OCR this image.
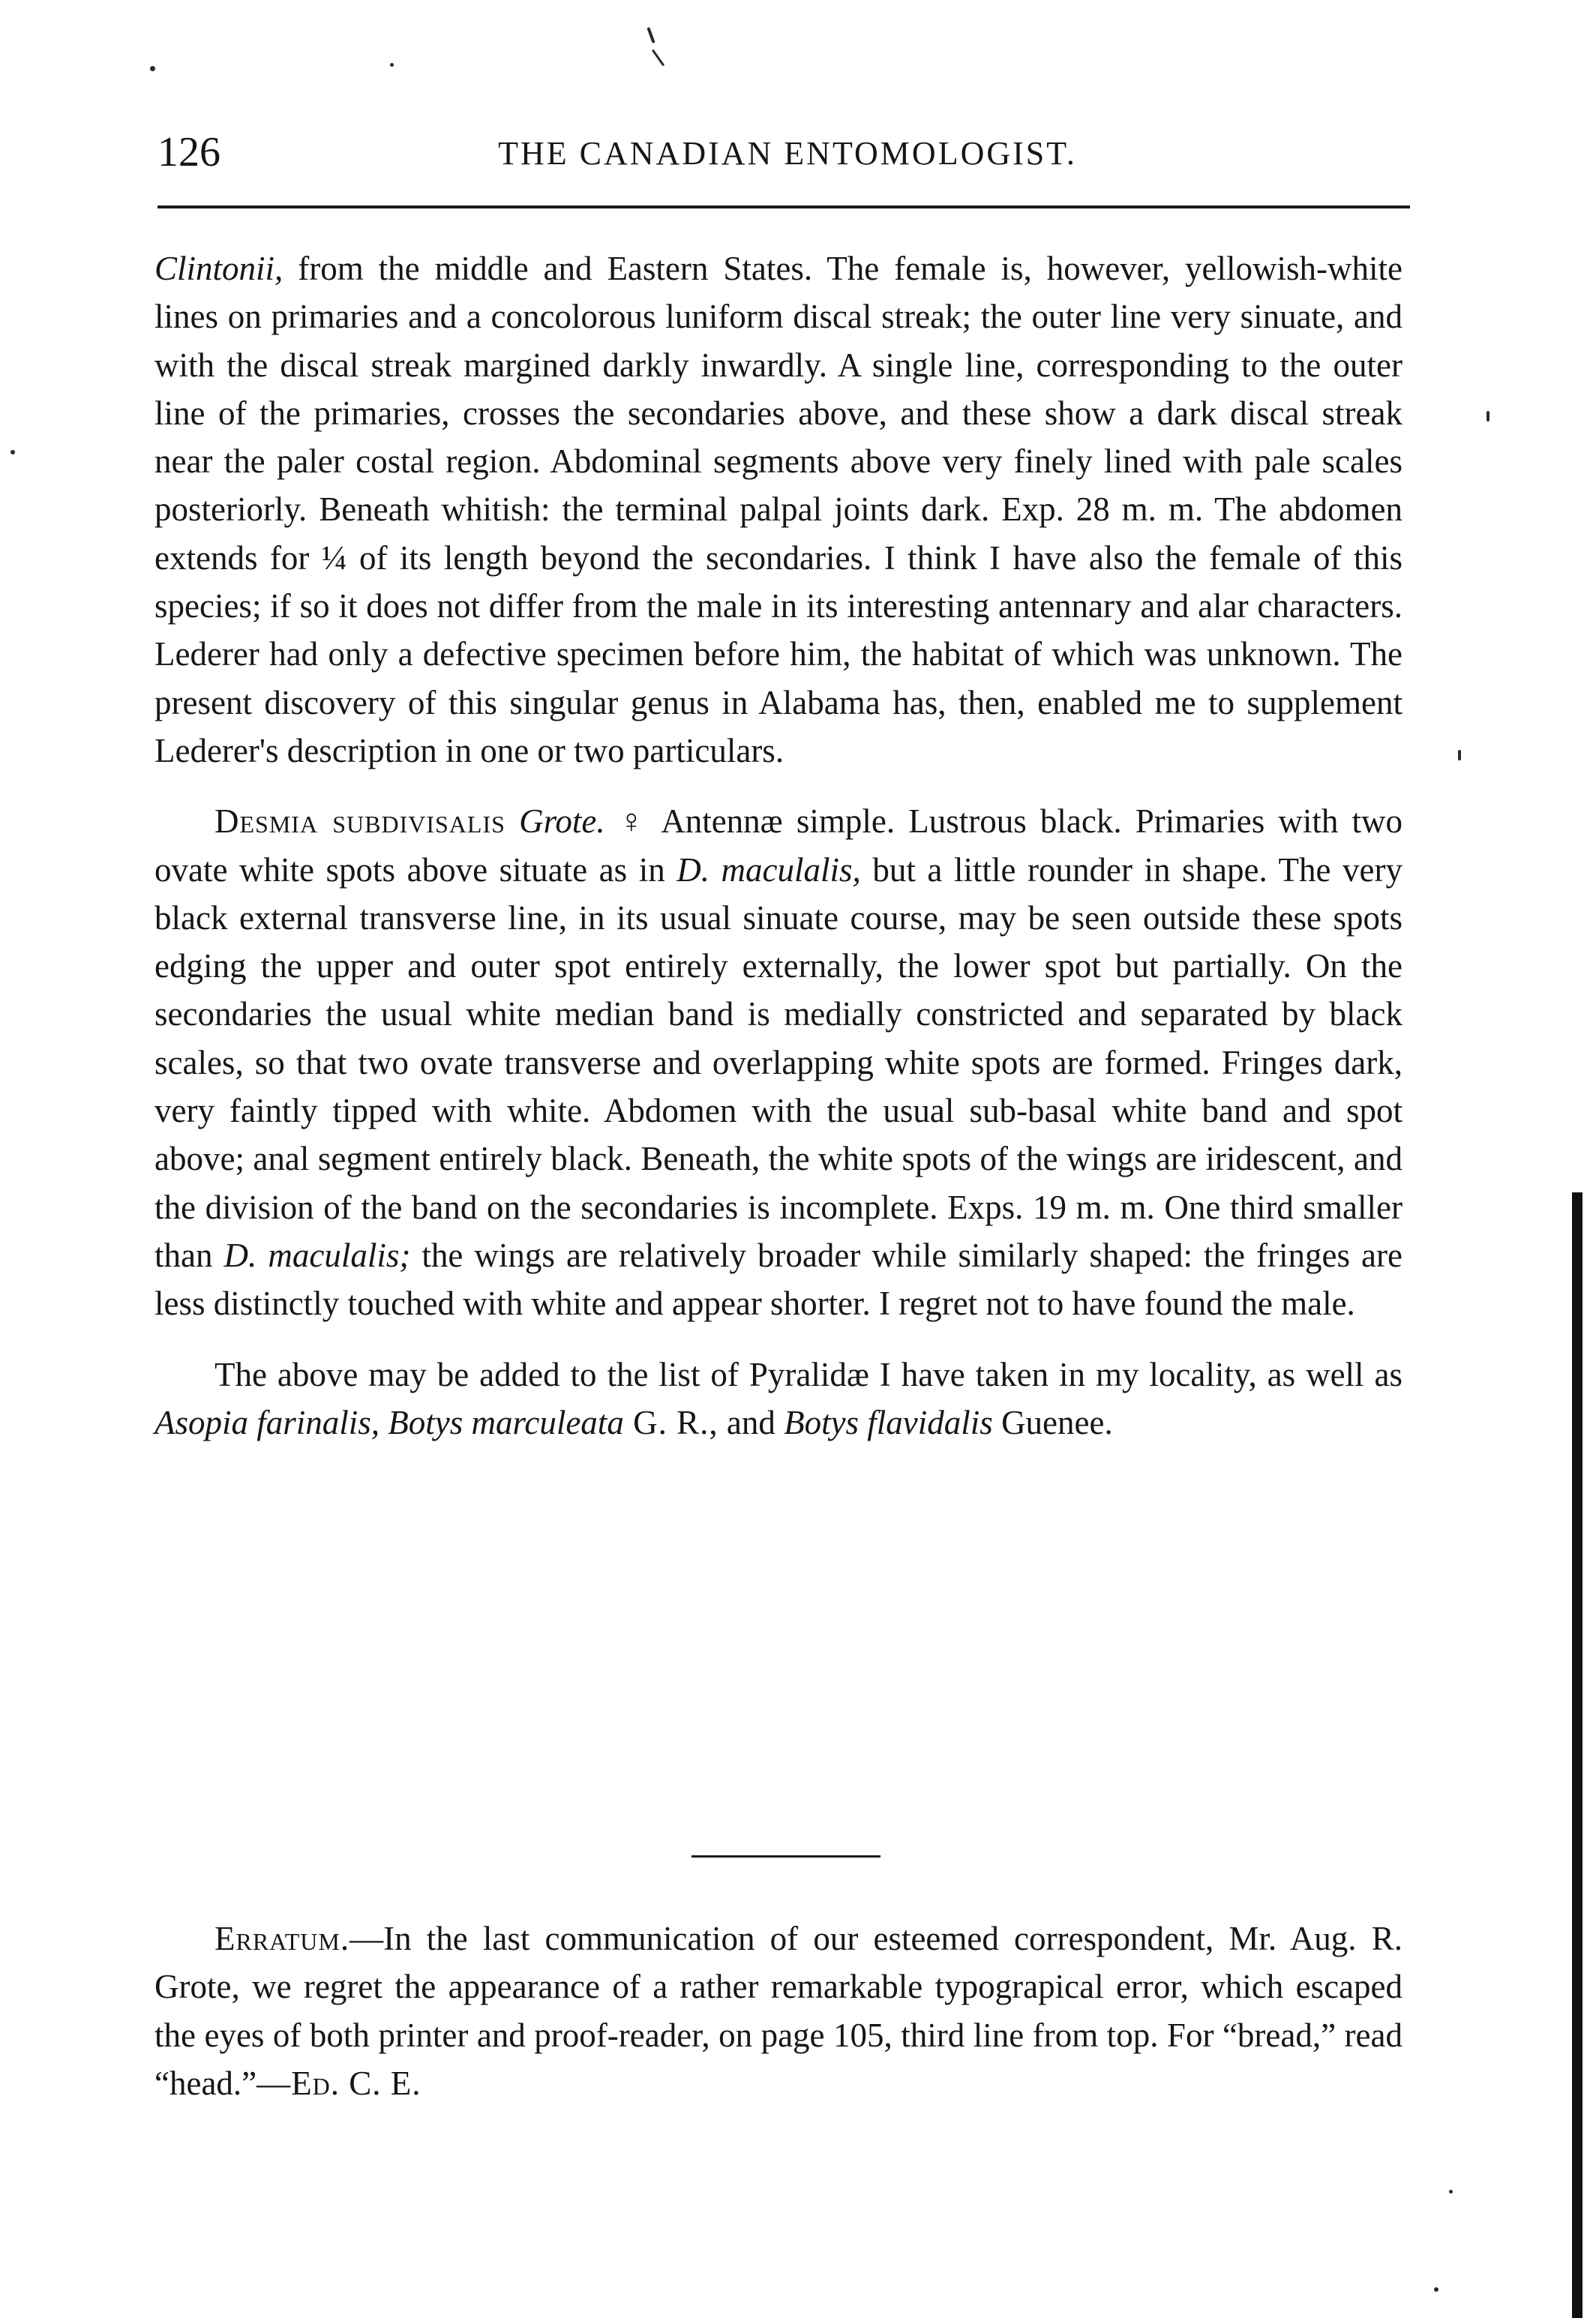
126	THE CANADIAN ENTOMOLOGIST.

Clintonii, from the middle and Eastern States. The female is, however, yellowish-white lines on primaries and a concolorous luniform discal streak; the outer line very sinuate, and with the discal streak margined darkly inwardly. A single line, corresponding to the outer line of the primaries, crosses the secondaries above, and these show a dark discal streak near the paler costal region. Abdominal segments above very finely lined with pale scales posteriorly. Beneath whitish: the terminal palpal joints dark. Exp. 28 m. m. The abdomen extends for ¼ of its length beyond the secondaries. I think I have also the female of this species; if so it does not differ from the male in its interesting antennary and alar characters. Lederer had only a defective specimen before him, the habitat of which was unknown. The present discovery of this singular genus in Alabama has, then, enabled me to supplement Lederer's description in one or two particulars.

Desmia subdivisalis Grote. ♀ Antennæ simple. Lustrous black. Primaries with two ovate white spots above situate as in D. maculalis, but a little rounder in shape. The very black external transverse line, in its usual sinuate course, may be seen outside these spots edging the upper and outer spot entirely externally, the lower spot but partially. On the secondaries the usual white median band is medially constricted and separated by black scales, so that two ovate transverse and overlapping white spots are formed. Fringes dark, very faintly tipped with white. Abdomen with the usual sub-basal white band and spot above; anal segment entirely black. Beneath, the white spots of the wings are iridescent, and the division of the band on the secondaries is incomplete. Exps. 19 m. m. One third smaller than D. maculalis; the wings are relatively broader while similarly shaped: the fringes are less distinctly touched with white and appear shorter. I regret not to have found the male.

The above may be added to the list of Pyralidæ I have taken in my locality, as well as Asopia farinalis, Botys marculeata G. R., and Botys flavidalis Guenee.

Erratum.—In the last communication of our esteemed correspondent, Mr. Aug. R. Grote, we regret the appearance of a rather remarkable typograpical error, which escaped the eyes of both printer and proof-reader, on page 105, third line from top. For “bread,” read “head.”—Ed. C. E.
